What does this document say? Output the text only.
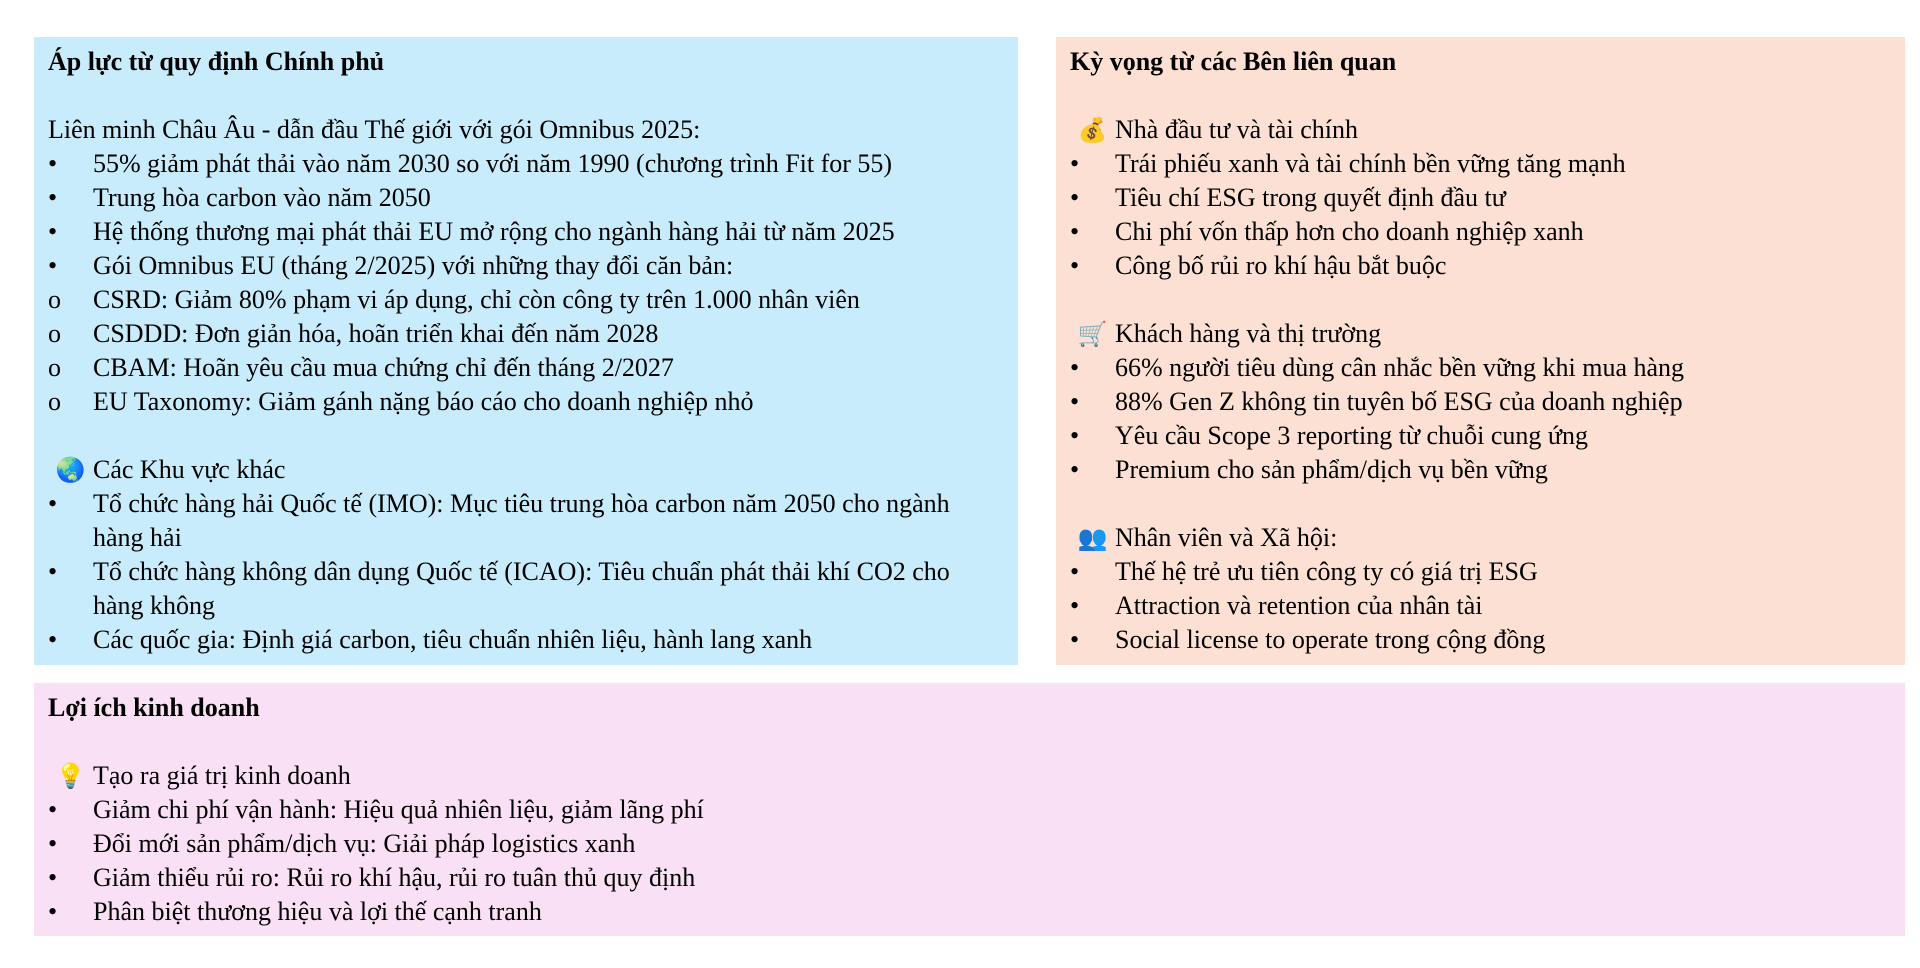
Áp lực từ quy định Chính phủ
Liên minh Châu Âu - dẫn đầu Thế giới với gói Omnibus 2025:
•	55% giảm phát thải vào năm 2030 so với năm 1990 (chương trình Fit for 55)
•	Trung hòa carbon vào năm 2050
•	Hệ thống thương mại phát thải EU mở rộng cho ngành hàng hải từ năm 2025
•	Gói Omnibus EU (tháng 2/2025) với những thay đổi căn bản:
o	CSRD: Giảm 80% phạm vi áp dụng, chỉ còn công ty trên 1.000 nhân viên
o	CSDDD: Đơn giản hóa, hoãn triển khai đến năm 2028
o	CBAM: Hoãn yêu cầu mua chứng chỉ đến tháng 2/2027
o	EU Taxonomy: Giảm gánh nặng báo cáo cho doanh nghiệp nhỏ
🌏 Các Khu vực khác
•	Tổ chức hàng hải Quốc tế (IMO): Mục tiêu trung hòa carbon năm 2050 cho ngành hàng hải
•	Tổ chức hàng không dân dụng Quốc tế (ICAO): Tiêu chuẩn phát thải khí CO2 cho hàng không
•	Các quốc gia: Định giá carbon, tiêu chuẩn nhiên liệu, hành lang xanh
Kỳ vọng từ các Bên liên quan
💰 Nhà đầu tư và tài chính
•	Trái phiếu xanh và tài chính bền vững tăng mạnh
•	Tiêu chí ESG trong quyết định đầu tư
•	Chi phí vốn thấp hơn cho doanh nghiệp xanh
•	Công bố rủi ro khí hậu bắt buộc
🛒 Khách hàng và thị trường
•	66% người tiêu dùng cân nhắc bền vững khi mua hàng
•	88% Gen Z không tin tuyên bố ESG của doanh nghiệp
•	Yêu cầu Scope 3 reporting từ chuỗi cung ứng
•	Premium cho sản phẩm/dịch vụ bền vững
👥 Nhân viên và Xã hội:
•	Thế hệ trẻ ưu tiên công ty có giá trị ESG
•	Attraction và retention của nhân tài
•	Social license to operate trong cộng đồng
Lợi ích kinh doanh
💡 Tạo ra giá trị kinh doanh
•	Giảm chi phí vận hành: Hiệu quả nhiên liệu, giảm lãng phí
•	Đổi mới sản phẩm/dịch vụ: Giải pháp logistics xanh
•	Giảm thiểu rủi ro: Rủi ro khí hậu, rủi ro tuân thủ quy định
•	Phân biệt thương hiệu và lợi thế cạnh tranh
